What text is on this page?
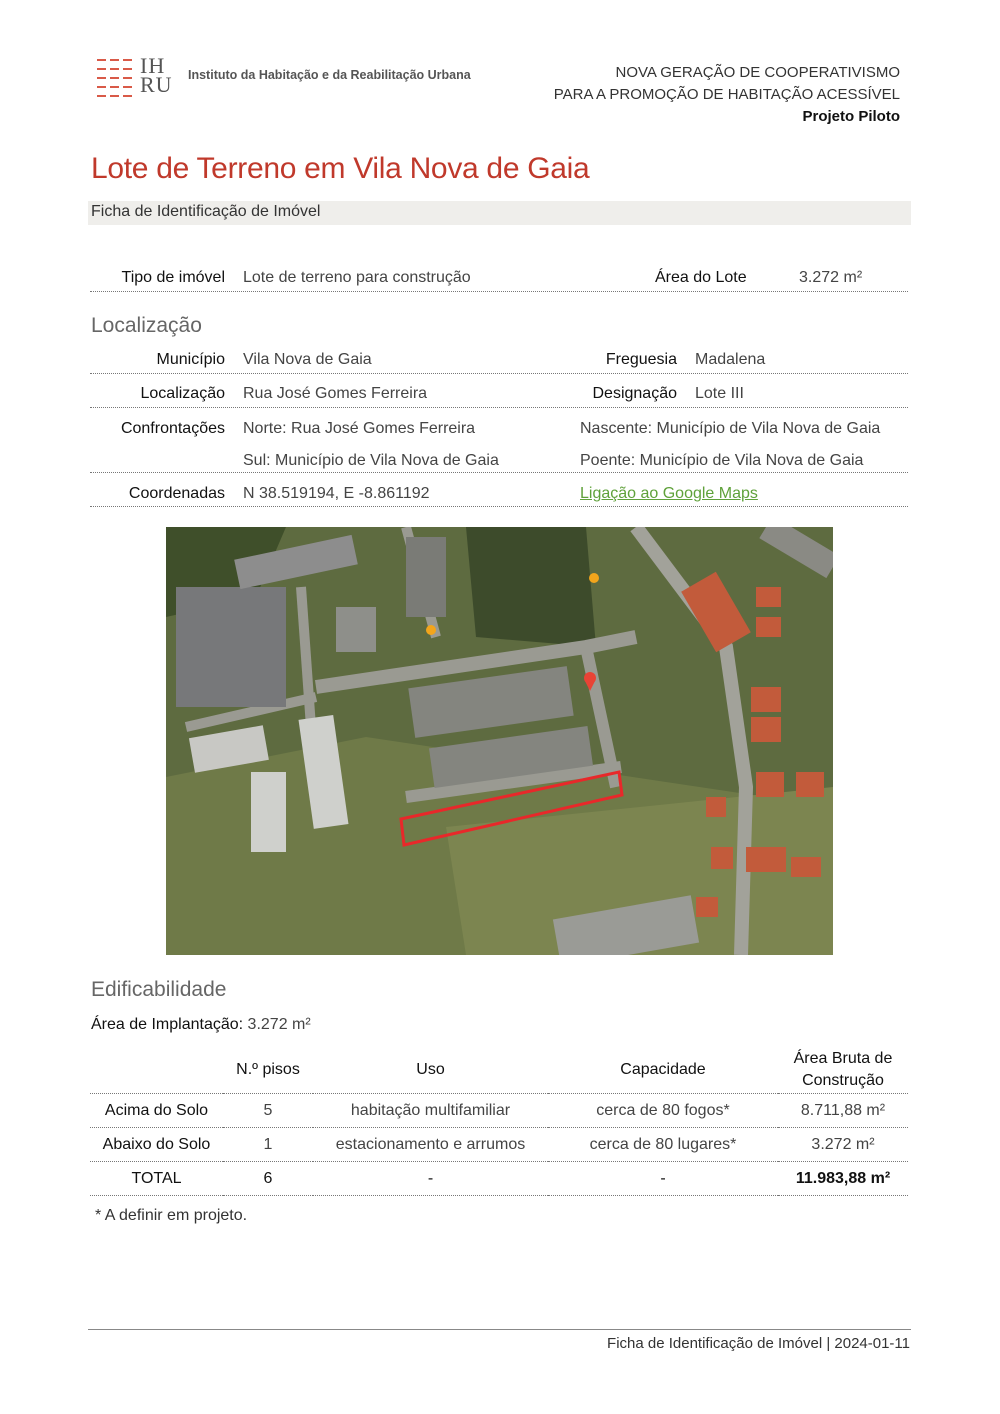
IH
RU Instituto da Habitação e da Reabilitação Urbana	NOVA GERAÇÃO DE COOPERATIVISMO
PARA A PROMOÇÃO DE HABITAÇÃO ACESSÍVEL
Projeto Piloto
Lote de Terreno em Vila Nova de Gaia
Ficha de Identificação de Imóvel
Tipo de imóvel Lote de terreno para construção	Área do Lote	3.272 m²
Localização
Município Vila Nova de Gaia	Freguesia Madalena
Localização Rua José Gomes Ferreira	Designação Lote III
Confrontações Norte: Rua José Gomes Ferreira	Nascente: Município de Vila Nova de Gaia
Sul: Município de Vila Nova de Gaia	Poente: Município de Vila Nova de Gaia
Coordenadas N 38.519194, E -8.861192	Ligação ao Google Maps
Edificabilidade
Área de Implantação: 3.272 m²
	N.º pisos	Uso	Capacidade	Área Bruta de Construção
Acima do Solo	5	habitação multifamiliar	cerca de 80 fogos*	8.711,88 m²
Abaixo do Solo	1	estacionamento e arrumos	cerca de 80 lugares*	3.272 m²
TOTAL	6	-	-	11.983,88 m²
* A definir em projeto.
Ficha de Identificação de Imóvel | 2024-01-11
